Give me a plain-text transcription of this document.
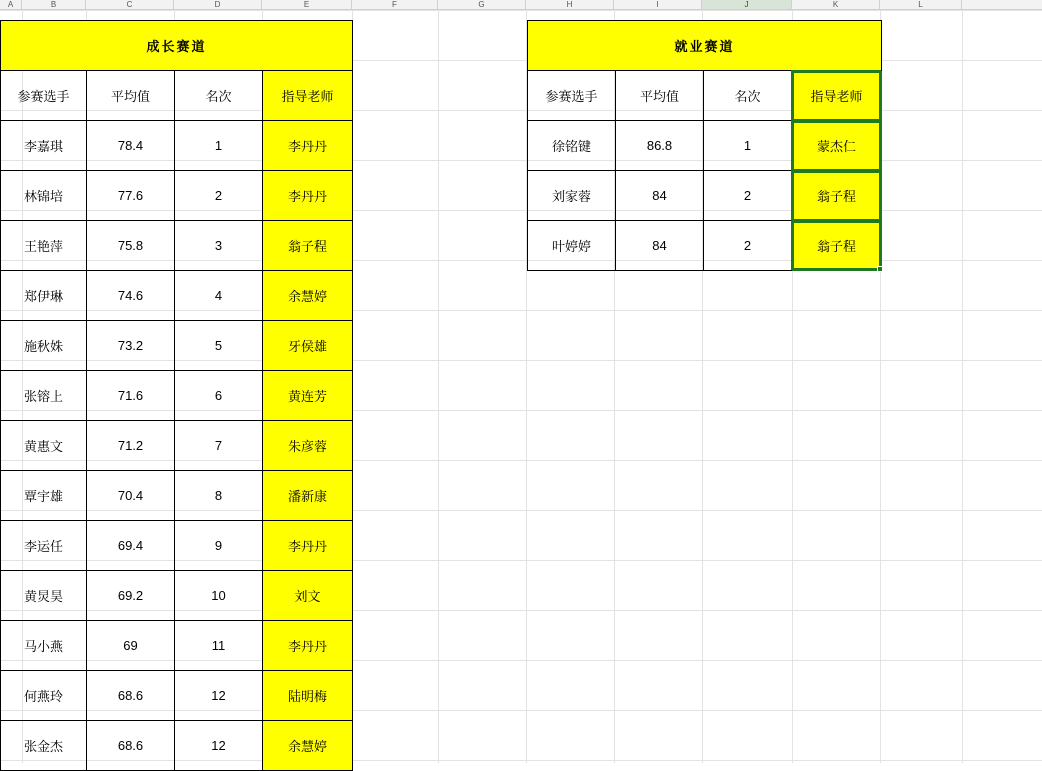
A	B	C	D	E	F	G	H	I	J	K	L
成长赛道			
参赛选手	平均值	名次	指导老师
李嘉琪	78.4	1	李丹丹
林锦培	77.6	2	李丹丹
王艳萍	75.8	3	翁子程
郑伊琳	74.6	4	余慧婷
施秋姝	73.2	5	牙侯雄
张镕上	71.6	6	黄连芳
黄惠文	71.2	7	朱彦蓉
覃宇雄	70.4	8	潘新康
李运任	69.4	9	李丹丹
黄炅昊	69.2	10	刘文
马小燕	69	11	李丹丹
何燕玲	68.6	12	陆明梅
张金杰	68.6	12	余慧婷
就业赛道			
参赛选手	平均值	名次	指导老师
徐铭键	86.8	1	蒙杰仁
刘家蓉	84	2	翁子程
叶婷婷	84	2	翁子程
